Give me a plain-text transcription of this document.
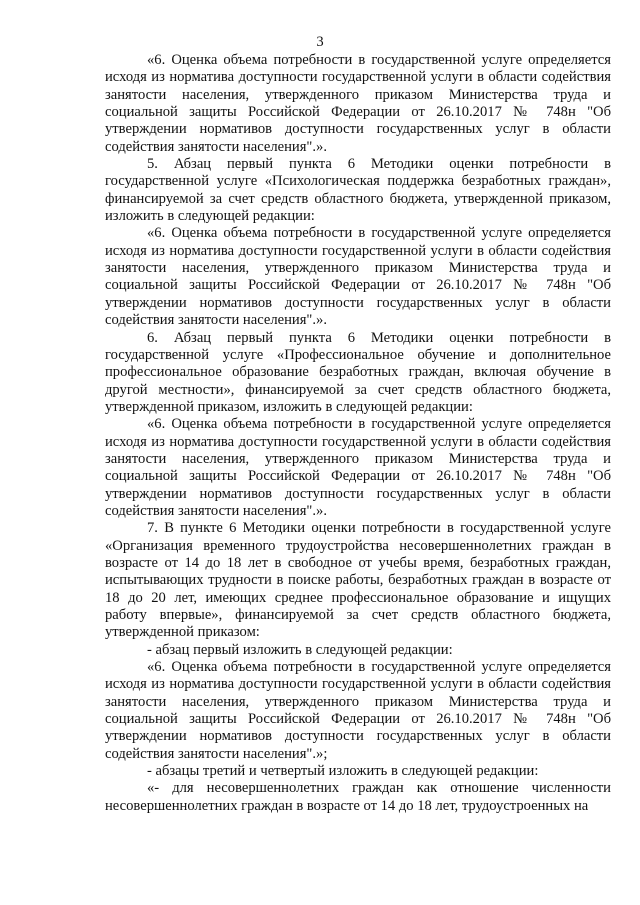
3

«6. Оценка объема потребности в государственной услуге определяется исходя из норматива доступности государственной услуги в области содействия занятости населения, утвержденного приказом Министерства труда и социальной защиты Российской Федерации от 26.10.2017 № 748н "Об утверждении нормативов доступности государственных услуг в области содействия занятости населения".».

5. Абзац первый пункта 6 Методики оценки потребности в государственной услуге «Психологическая поддержка безработных граждан», финансируемой за счет средств областного бюджета, утвержденной приказом, изложить в следующей редакции:

«6. Оценка объема потребности в государственной услуге определяется исходя из норматива доступности государственной услуги в области содействия занятости населения, утвержденного приказом Министерства труда и социальной защиты Российской Федерации от 26.10.2017 № 748н "Об утверждении нормативов доступности государственных услуг в области содействия занятости населения".».

6. Абзац первый пункта 6 Методики оценки потребности в государственной услуге «Профессиональное обучение и дополнительное профессиональное образование безработных граждан, включая обучение в другой местности», финансируемой за счет средств областного бюджета, утвержденной приказом, изложить в следующей редакции:

«6. Оценка объема потребности в государственной услуге определяется исходя из норматива доступности государственной услуги в области содействия занятости населения, утвержденного приказом Министерства труда и социальной защиты Российской Федерации от 26.10.2017 № 748н "Об утверждении нормативов доступности государственных услуг в области содействия занятости населения".».

7. В пункте 6 Методики оценки потребности в государственной услуге «Организация временного трудоустройства несовершеннолетних граждан в возрасте от 14 до 18 лет в свободное от учебы время, безработных граждан, испытывающих трудности в поиске работы, безработных граждан в возрасте от 18 до 20 лет, имеющих среднее профессиональное образование и ищущих работу впервые», финансируемой за счет средств областного бюджета, утвержденной приказом:

- абзац первый изложить в следующей редакции:

«6. Оценка объема потребности в государственной услуге определяется исходя из норматива доступности государственной услуги в области содействия занятости населения, утвержденного приказом Министерства труда и социальной защиты Российской Федерации от 26.10.2017 № 748н "Об утверждении нормативов доступности государственных услуг в области содействия занятости населения".»;

- абзацы третий и четвертый изложить в следующей редакции:

«- для несовершеннолетних граждан как отношение численности несовершеннолетних граждан в возрасте от 14 до 18 лет, трудоустроенных на
